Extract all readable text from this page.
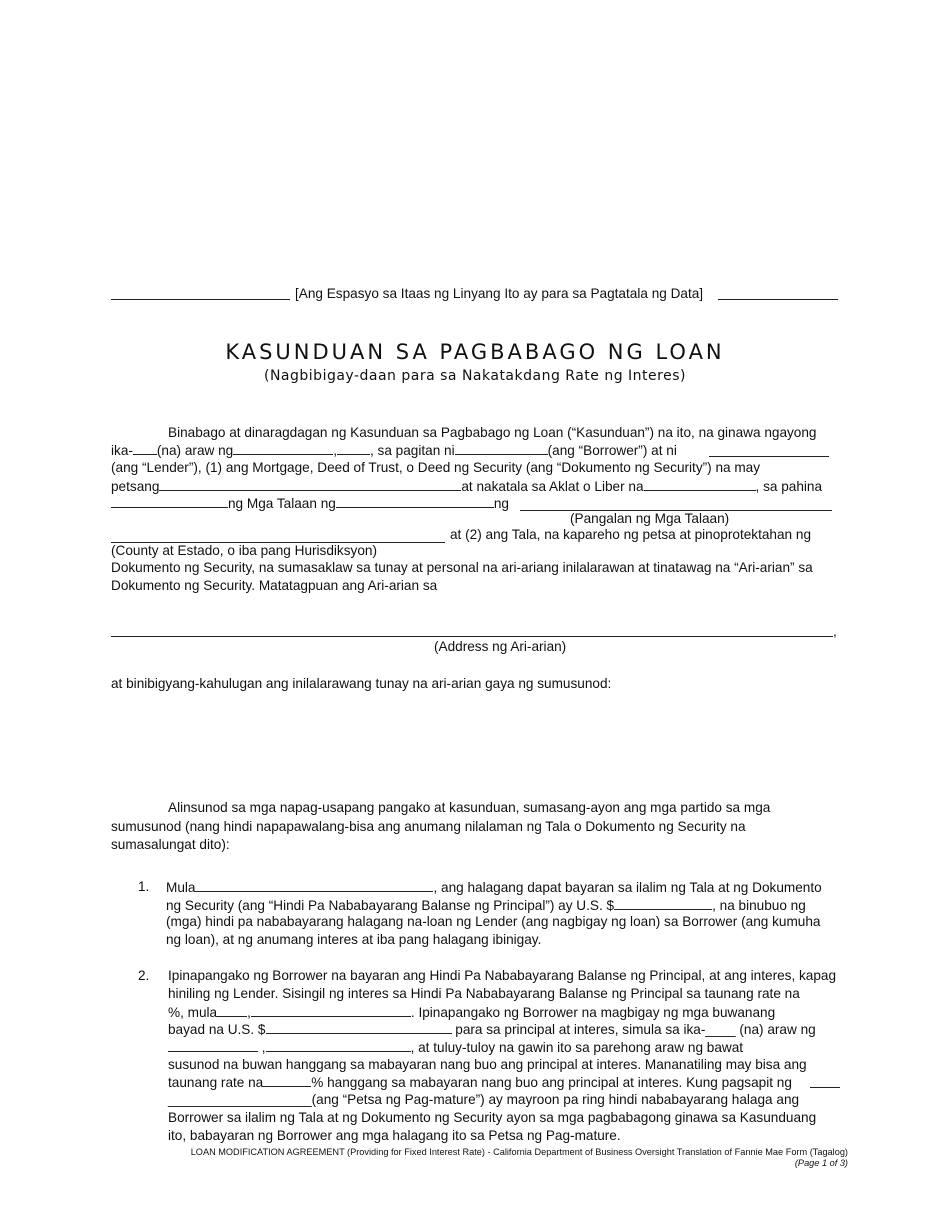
[Ang Espasyo sa Itaas ng Linyang Ito ay para sa Pagtatala ng Data]
KASUNDUAN SA PAGBABAGO NG LOAN
(Nagbibigay-daan para sa Nakatakdang Rate ng Interes)
Binabago at dinaragdagan ng Kasunduan sa Pagbabago ng Loan (“Kasunduan”) na ito, na ginawa ngayong
ika- (na) araw ng	, , sa pagitan ni	(ang “Borrower”) at ni
(ang “Lender”), (1) ang Mortgage, Deed of Trust, o Deed ng Security (ang “Dokumento ng Security”) na may
petsang	at nakatala sa Aklat o Liber na	, sa pahina
ng Mga Talaan ng	ng
(Pangalan ng Mga Talaan)
at (2) ang Tala, na kapareho ng petsa at pinoprotektahan ng
(County at Estado, o iba pang Hurisdiksyon)
Dokumento ng Security, na sumasaklaw sa tunay at personal na ari-ariang inilalarawan at tinatawag na “Ari-arian” sa
Dokumento ng Security. Matatagpuan ang Ari-arian sa
,
(Address ng Ari-arian)
at binibigyang-kahulugan ang inilalarawang tunay na ari-arian gaya ng sumusunod:
Alinsunod sa mga napag-usapang pangako at kasunduan, sumasang-ayon ang mga partido sa mga
sumusunod (nang hindi napapawalang-bisa ang anumang nilalaman ng Tala o Dokumento ng Security na
sumasalungat dito):
1. Mula	, ang halagang dapat bayaran sa ilalim ng Tala at ng Dokumento
ng Security (ang “Hindi Pa Nababayarang Balanse ng Principal”) ay U.S. $	, na binubuo ng
(mga) hindi pa nababayarang halagang na-loan ng Lender (ang nagbigay ng loan) sa Borrower (ang kumuha
ng loan), at ng anumang interes at iba pang halagang ibinigay.
2. Ipinapangako ng Borrower na bayaran ang Hindi Pa Nababayarang Balanse ng Principal, at ang interes, kapag
hiniling ng Lender. Sisingil ng interes sa Hindi Pa Nababayarang Balanse ng Principal sa taunang rate na
%, mula ,	. Ipinapangako ng Borrower na magbigay ng mga buwanang
bayad na U.S. $	para sa principal at interes, simula sa ika-____ (na) araw ng
,	, at tuluy-tuloy na gawin ito sa parehong araw ng bawat
susunod na buwan hanggang sa mabayaran nang buo ang principal at interes. Mananatiling may bisa ang
taunang rate na	% hanggang sa mabayaran nang buo ang principal at interes. Kung pagsapit ng
___________________(ang “Petsa ng Pag-mature”) ay mayroon pa ring hindi nababayarang halaga ang
Borrower sa ilalim ng Tala at ng Dokumento ng Security ayon sa mga pagbabagong ginawa sa Kasunduang
ito, babayaran ng Borrower ang mga halagang ito sa Petsa ng Pag-mature.
LOAN MODIFICATION AGREEMENT (Providing for Fixed Interest Rate) - California Department of Business Oversight Translation of Fannie Mae Form (Tagalog)
(Page 1 of 3)
